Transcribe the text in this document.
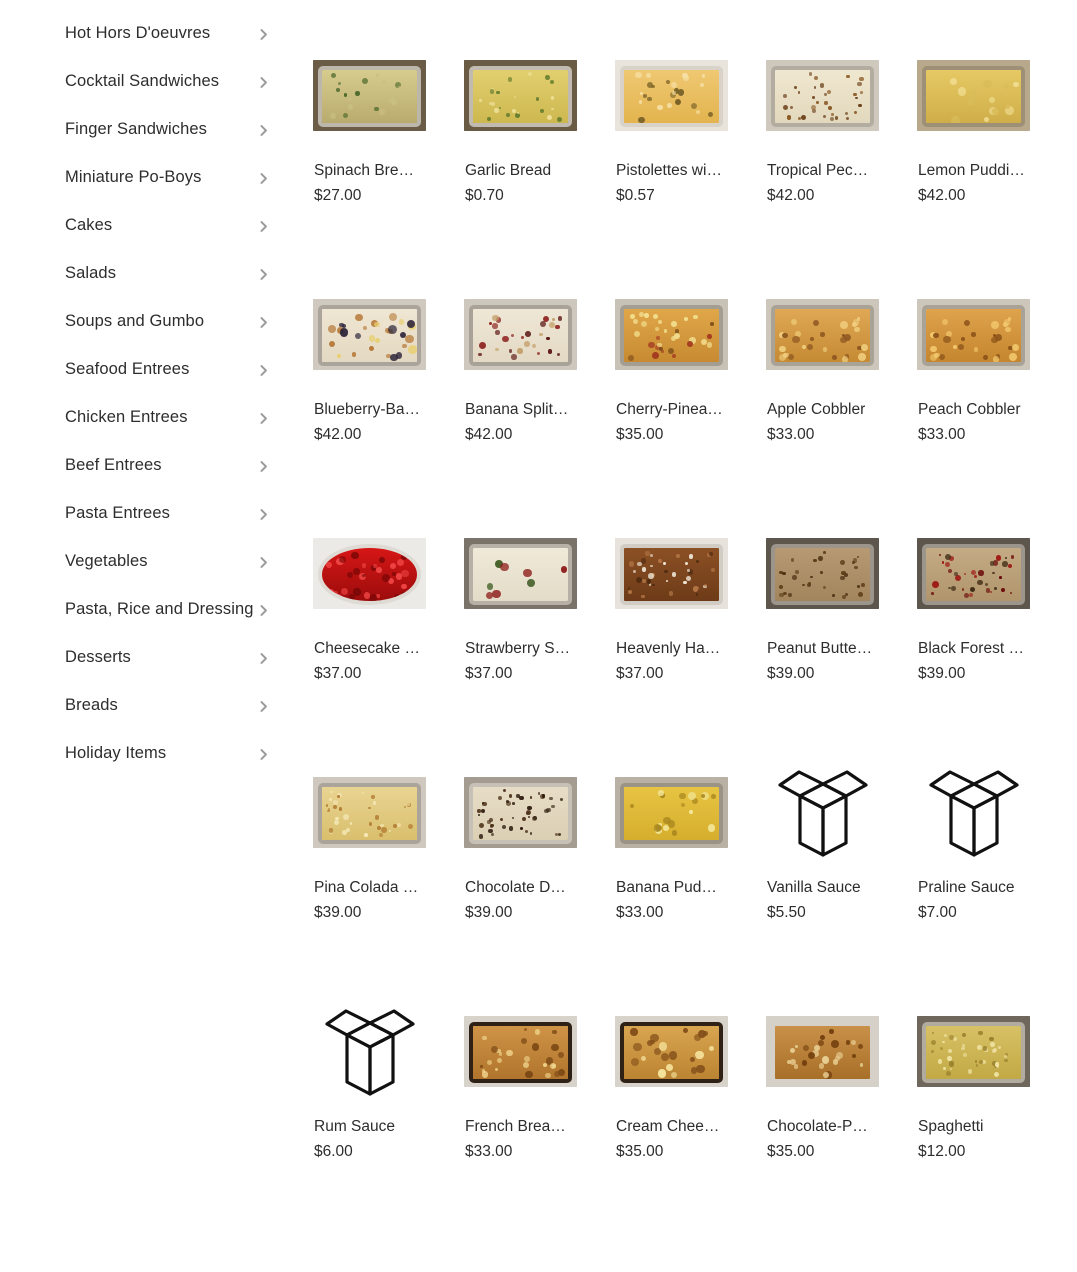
Hot Hors D'oeuvres
Cocktail Sandwiches
Finger Sandwiches
Miniature Po-Boys
Cakes
Salads
Soups and Gumbo
Seafood Entrees
Chicken Entrees
Beef Entrees
Pasta Entrees
Vegetables
Pasta, Rice and Dressing
Desserts
Breads
Holiday Items
Spinach Bre…
$27.00
Garlic Bread
$0.70
Pistolettes wi…
$0.57
Tropical Pec…
$42.00
Lemon Puddi…
$42.00
Blueberry-Ba…
$42.00
Banana Split…
$42.00
Cherry-Pinea…
$35.00
Apple Cobbler
$33.00
Peach Cobbler
$33.00
Cheesecake …
$37.00
Strawberry S…
$37.00
Heavenly Ha…
$37.00
Peanut Butte…
$39.00
Black Forest …
$39.00
Pina Colada …
$39.00
Chocolate D…
$39.00
Banana Pud…
$33.00
Vanilla Sauce
$5.50
Praline Sauce
$7.00
Rum Sauce
$6.00
French Brea…
$33.00
Cream Chee…
$35.00
Chocolate-P…
$35.00
Spaghetti
$12.00
